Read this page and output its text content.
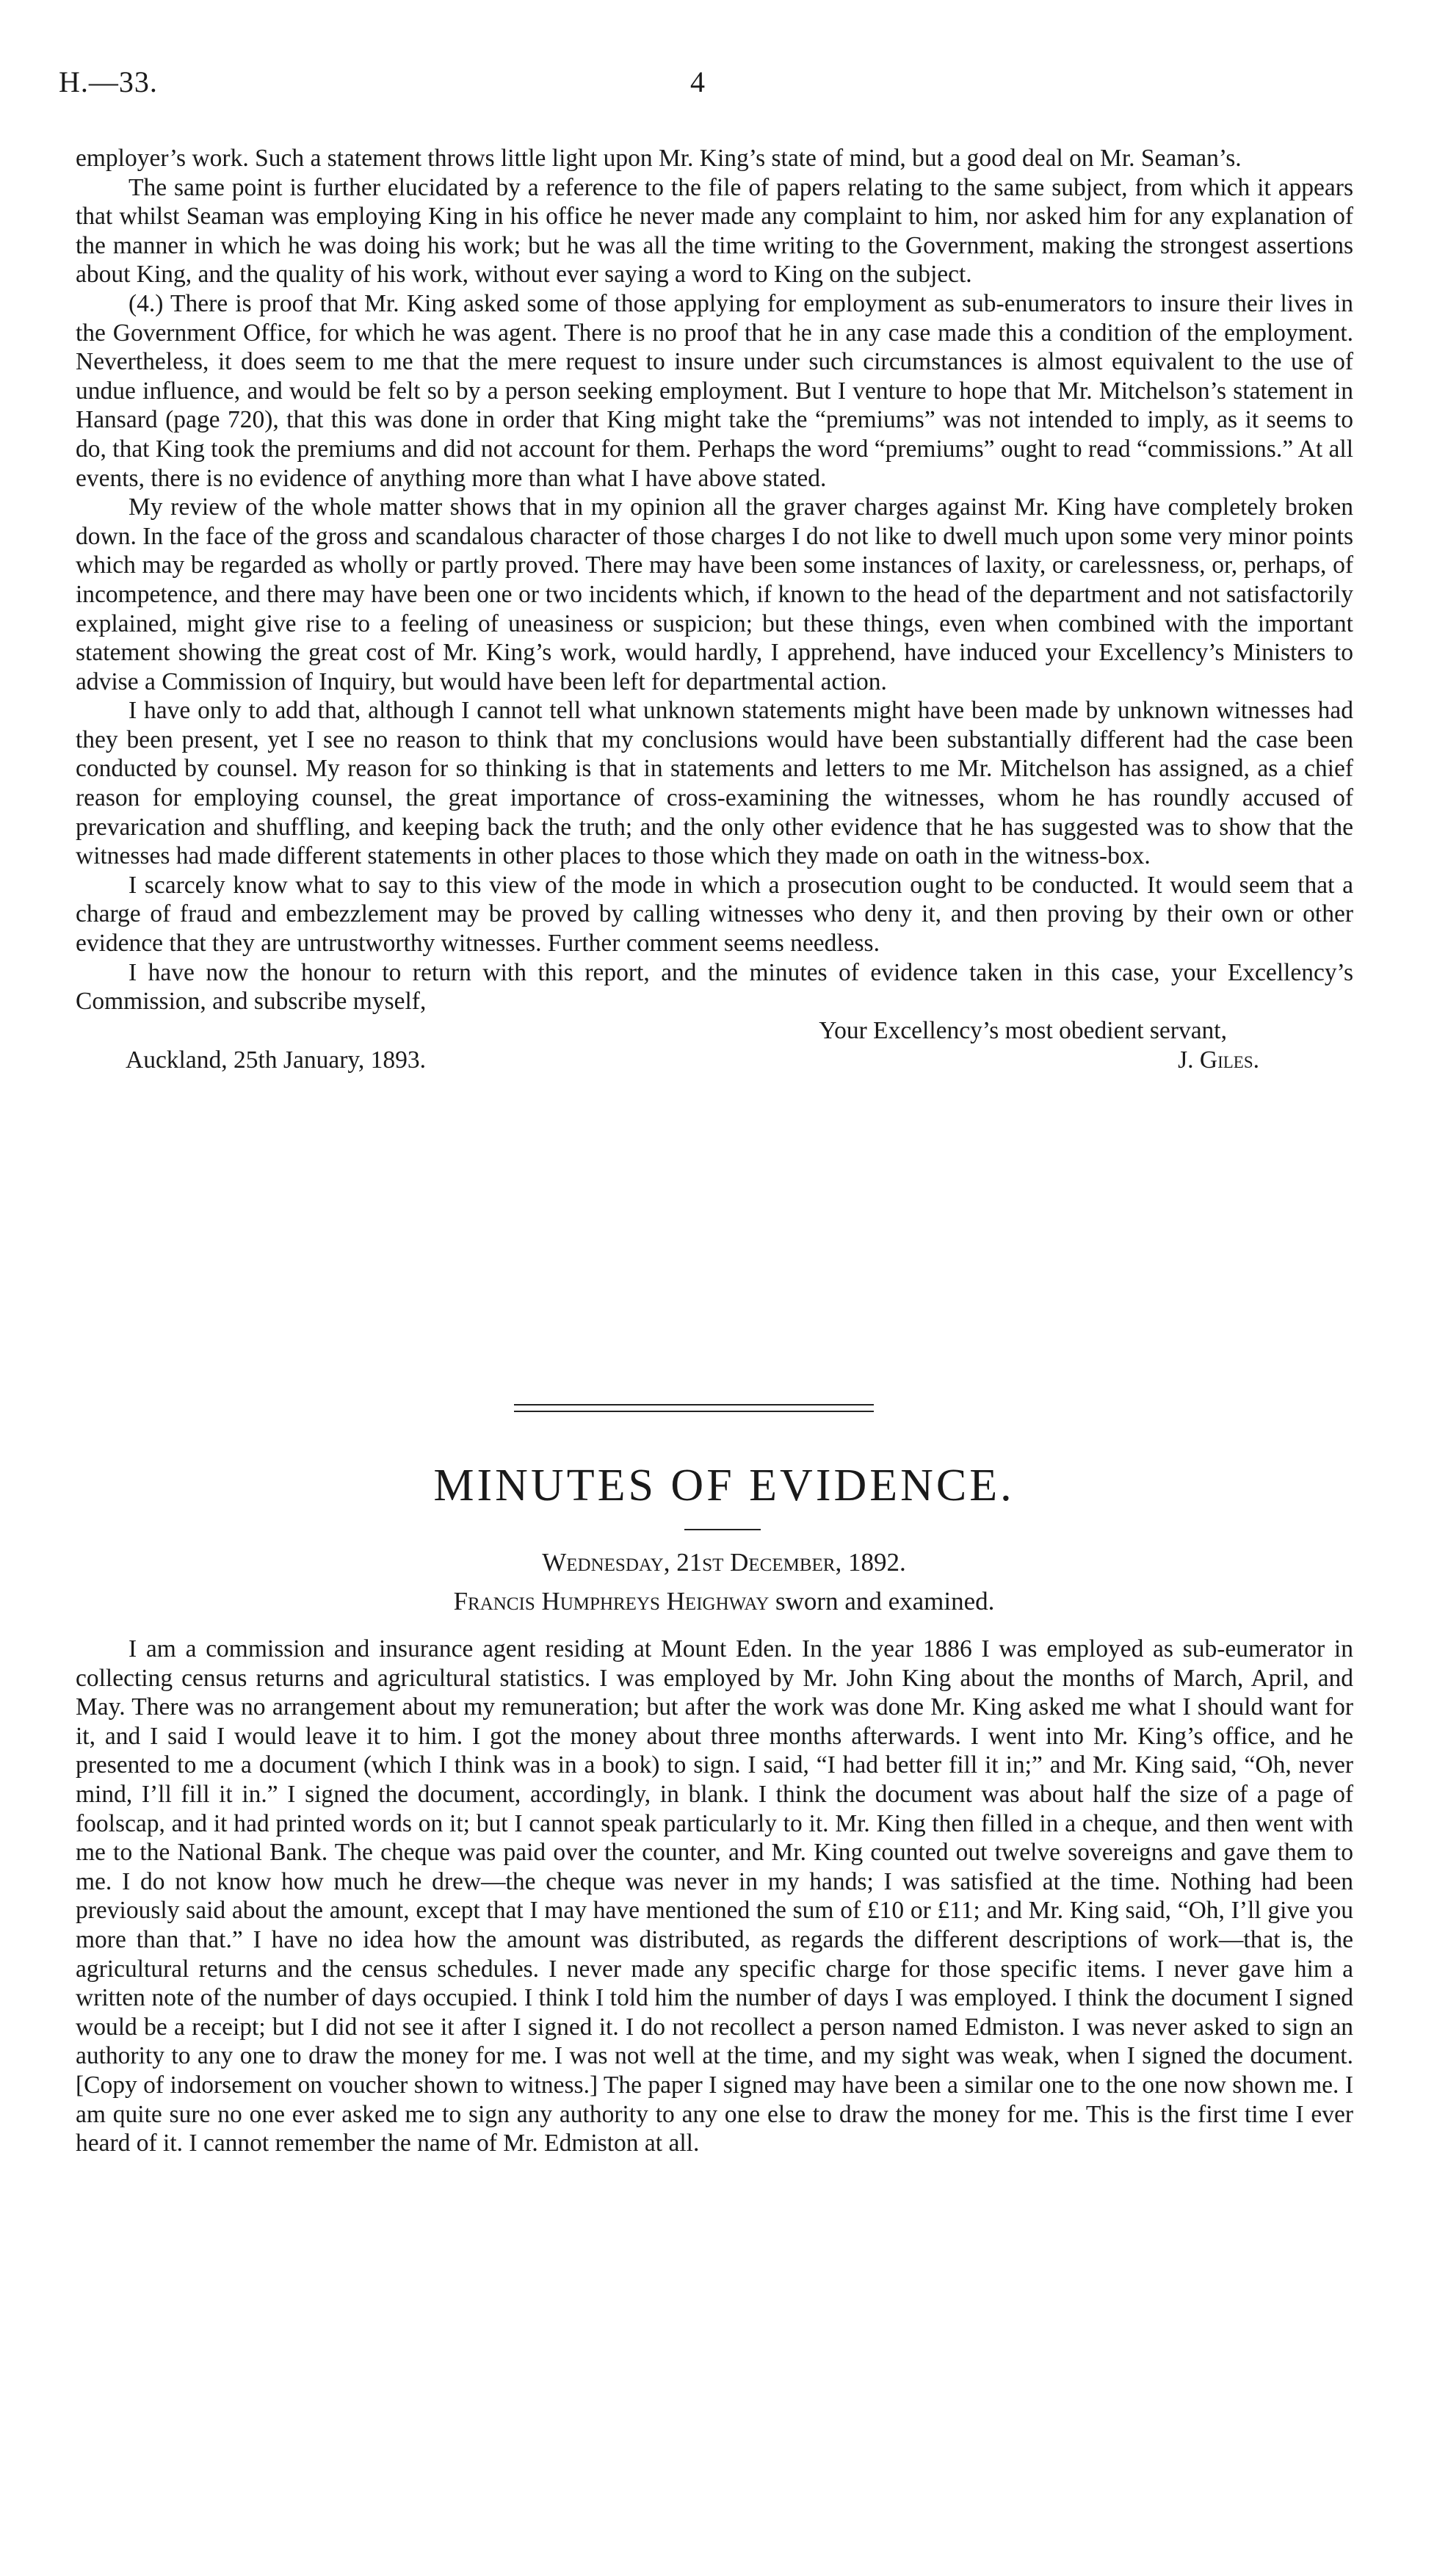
H.—33.	4

employer’s work. Such a statement throws little light upon Mr. King’s state of mind, but a good deal on Mr. Seaman’s.

The same point is further elucidated by a reference to the file of papers relating to the same subject, from which it appears that whilst Seaman was employing King in his office he never made any complaint to him, nor asked him for any explanation of the manner in which he was doing his work; but he was all the time writing to the Government, making the strongest assertions about King, and the quality of his work, without ever saying a word to King on the subject.

(4.) There is proof that Mr. King asked some of those applying for employment as sub-enumerators to insure their lives in the Government Office, for which he was agent. There is no proof that he in any case made this a condition of the employment. Nevertheless, it does seem to me that the mere request to insure under such circumstances is almost equivalent to the use of undue influence, and would be felt so by a person seeking employment. But I venture to hope that Mr. Mitchelson’s statement in Hansard (page 720), that this was done in order that King might take the “premiums” was not intended to imply, as it seems to do, that King took the premiums and did not account for them. Perhaps the word “premiums” ought to read “commissions.” At all events, there is no evidence of anything more than what I have above stated.

My review of the whole matter shows that in my opinion all the graver charges against Mr. King have completely broken down. In the face of the gross and scandalous character of those charges I do not like to dwell much upon some very minor points which may be regarded as wholly or partly proved. There may have been some instances of laxity, or carelessness, or, perhaps, of incompetence, and there may have been one or two incidents which, if known to the head of the department and not satisfactorily explained, might give rise to a feeling of uneasiness or suspicion; but these things, even when combined with the important statement showing the great cost of Mr. King’s work, would hardly, I apprehend, have induced your Excellency’s Ministers to advise a Commission of Inquiry, but would have been left for departmental action.

I have only to add that, although I cannot tell what unknown statements might have been made by unknown witnesses had they been present, yet I see no reason to think that my conclusions would have been substantially different had the case been conducted by counsel. My reason for so thinking is that in statements and letters to me Mr. Mitchelson has assigned, as a chief reason for employing counsel, the great importance of cross-examining the witnesses, whom he has roundly accused of prevarication and shuffling, and keeping back the truth; and the only other evidence that he has suggested was to show that the witnesses had made different statements in other places to those which they made on oath in the witness-box.

I scarcely know what to say to this view of the mode in which a prosecution ought to be conducted. It would seem that a charge of fraud and embezzlement may be proved by calling witnesses who deny it, and then proving by their own or other evidence that they are untrustworthy witnesses. Further comment seems needless.

I have now the honour to return with this report, and the minutes of evidence taken in this case, your Excellency’s Commission, and subscribe myself,

Your Excellency’s most obedient servant,
Auckland, 25th January, 1893.	J. Giles.
MINUTES OF EVIDENCE.
Wednesday, 21st December, 1892.
Francis Humphreys Heighway sworn and examined.

I am a commission and insurance agent residing at Mount Eden. In the year 1886 I was employed as sub-eumerator in collecting census returns and agricultural statistics. I was employed by Mr. John King about the months of March, April, and May. There was no arrangement about my remuneration; but after the work was done Mr. King asked me what I should want for it, and I said I would leave it to him. I got the money about three months afterwards. I went into Mr. King’s office, and he presented to me a document (which I think was in a book) to sign. I said, “I had better fill it in;” and Mr. King said, “Oh, never mind, I’ll fill it in.” I signed the document, accordingly, in blank. I think the document was about half the size of a page of foolscap, and it had printed words on it; but I cannot speak particularly to it. Mr. King then filled in a cheque, and then went with me to the National Bank. The cheque was paid over the counter, and Mr. King counted out twelve sovereigns and gave them to me. I do not know how much he drew—the cheque was never in my hands; I was satisfied at the time. Nothing had been previously said about the amount, except that I may have mentioned the sum of £10 or £11; and Mr. King said, “Oh, I’ll give you more than that.” I have no idea how the amount was distributed, as regards the different descriptions of work—that is, the agricultural returns and the census schedules. I never made any specific charge for those specific items. I never gave him a written note of the number of days occupied. I think I told him the number of days I was employed. I think the document I signed would be a receipt; but I did not see it after I signed it. I do not recollect a person named Edmiston. I was never asked to sign an authority to any one to draw the money for me. I was not well at the time, and my sight was weak, when I signed the document. [Copy of indorsement on voucher shown to witness.] The paper I signed may have been a similar one to the one now shown me. I am quite sure no one ever asked me to sign any authority to any one else to draw the money for me. This is the first time I ever heard of it. I cannot remember the name of Mr. Edmiston at all.
